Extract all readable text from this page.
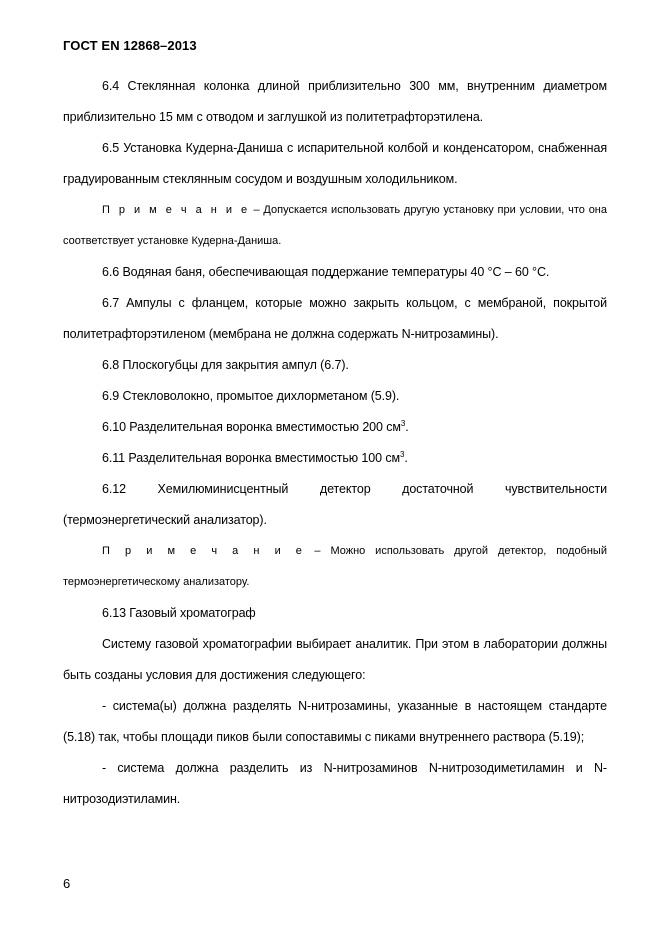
ГОСТ EN 12868–2013

6.4 Стеклянная колонка длиной приблизительно 300 мм, внутренним диаметром приблизительно 15 мм с отводом и заглушкой из политетрафторэтилена.

6.5 Установка Кудерна-Даниша с испарительной колбой и конденсатором, снабженная градуированным стеклянным сосудом и воздушным холодильником.

П р и м е ч а н и е – Допускается использовать другую установку при условии, что она соответствует установке Кудерна-Даниша.

6.6 Водяная баня, обеспечивающая поддержание температуры 40 °С – 60 °С.

6.7 Ампулы с фланцем, которые можно закрыть кольцом, с мембраной, покрытой политетрафторэтиленом (мембрана не должна содержать N-нитрозамины).

6.8 Плоскогубцы для закрытия ампул (6.7).

6.9 Стекловолокно, промытое дихлорметаном (5.9).

6.10 Разделительная воронка вместимостью 200 $см^3$.

6.11 Разделительная воронка вместимостью 100 $см^3$.

6.12 Хемилюминисцентный детектор достаточной чувствительности (термоэнергетический анализатор).

П р и м е ч а н и е – Можно использовать другой детектор, подобный термоэнергетическому анализатору.

6.13 Газовый хроматограф

Систему газовой хроматографии выбирает аналитик. При этом в лаборатории должны быть созданы условия для достижения следующего:

- система(ы) должна разделять N-нитрозамины, указанные в настоящем стандарте (5.18) так, чтобы площади пиков были сопоставимы с пиками внутреннего раствора (5.19);

- система должна разделить из N-нитрозаминов N-нитрозодиметиламин и N-нитрозодиэтиламин.

6
